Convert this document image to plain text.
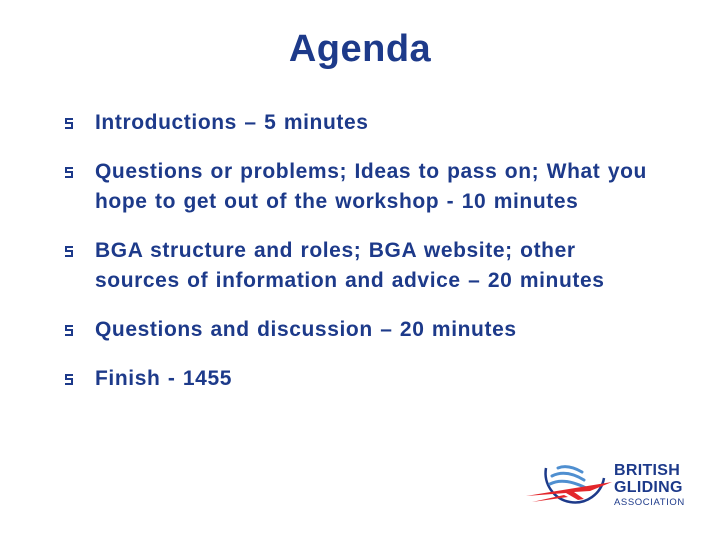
Agenda
Introductions – 5 minutes
Questions or problems; Ideas to pass on; What you hope to get out of the workshop - 10 minutes
BGA structure and roles; BGA website; other sources of information and advice – 20 minutes
Questions and discussion – 20 minutes
Finish - 1455
BRITISH
GLIDING
ASSOCIATION
